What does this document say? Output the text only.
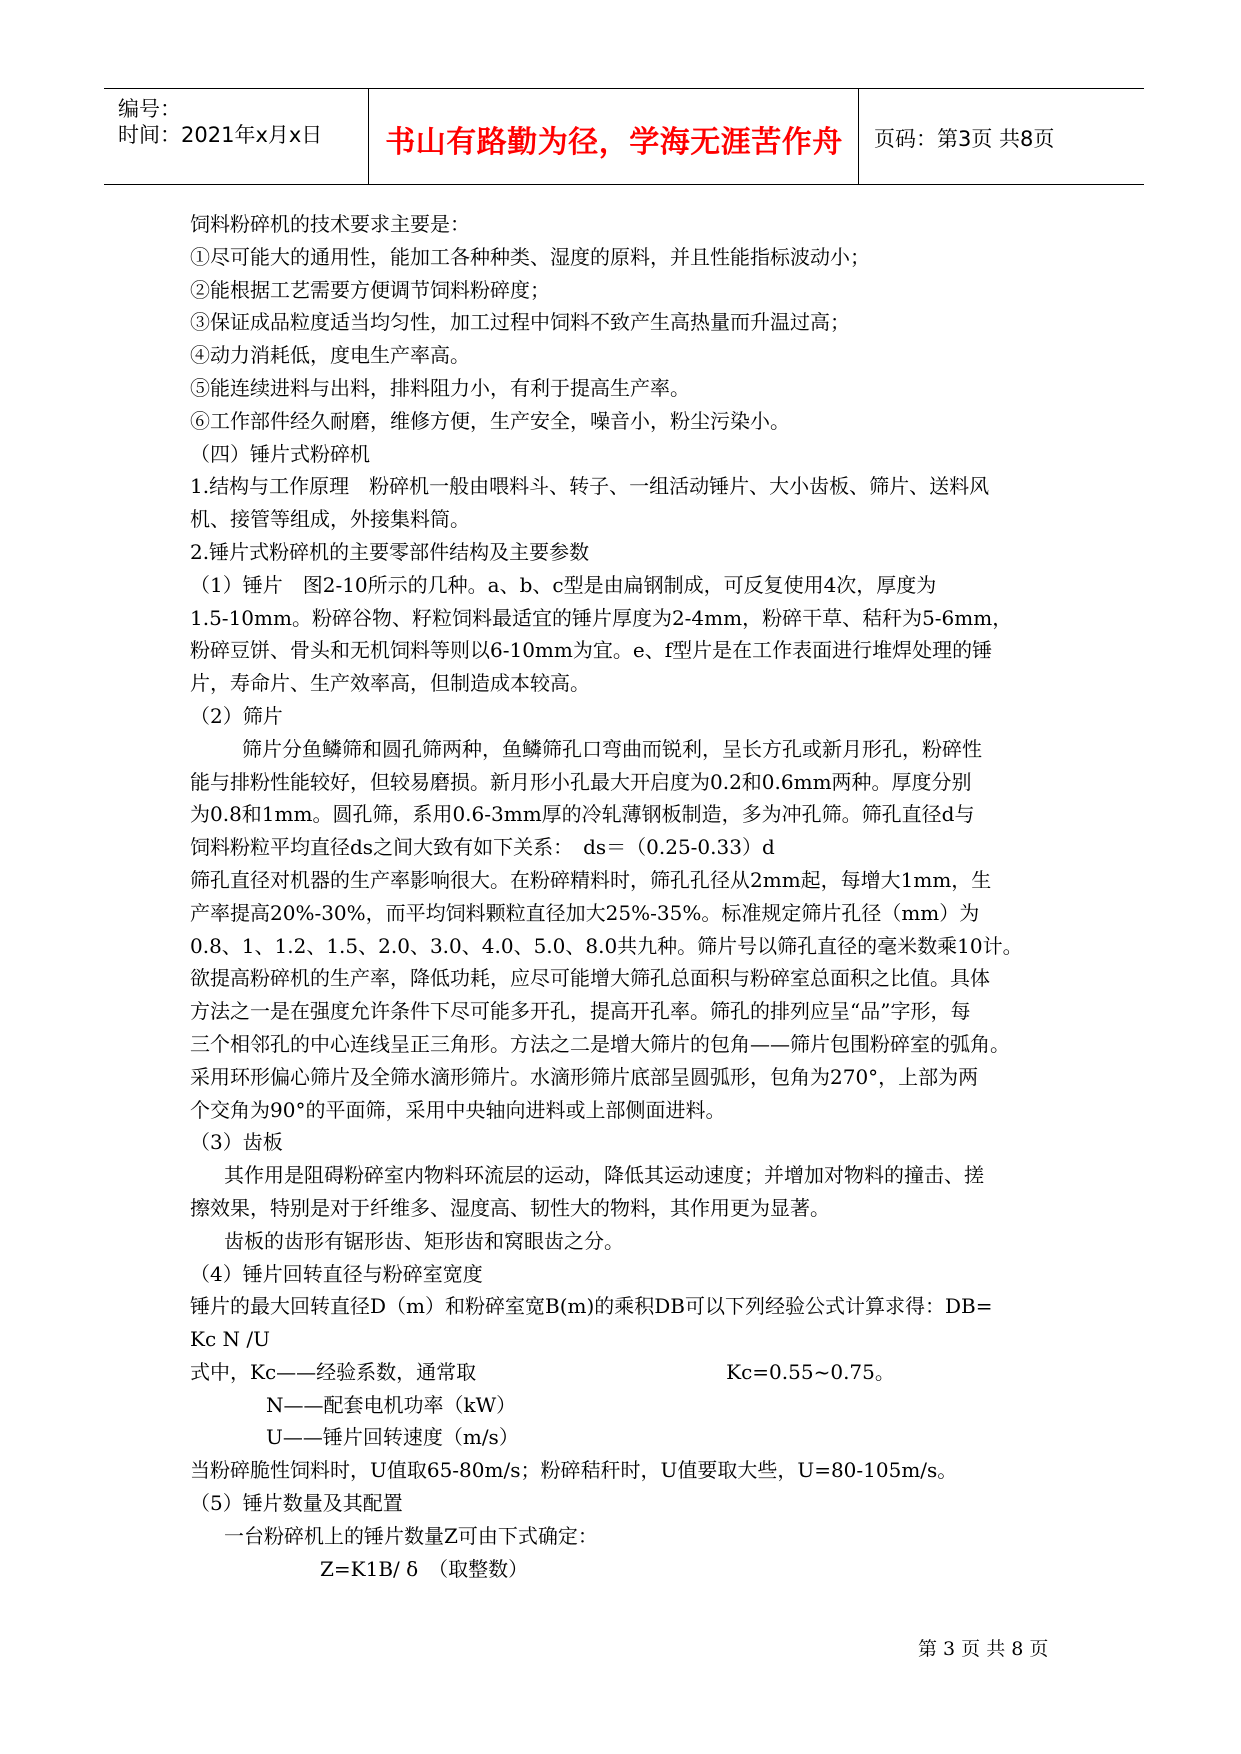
编号：
时间：2021年x月x日	书山有路勤为径，学海无涯苦作舟	页码：第3页 共8页

饲料粉碎机的技术要求主要是：

①尽可能大的通用性，能加工各种种类、湿度的原料，并且性能指标波动小；

②能根据工艺需要方便调节饲料粉碎度；

③保证成品粒度适当均匀性，加工过程中饲料不致产生高热量而升温过高；

④动力消耗低，度电生产率高。

⑤能连续进料与出料，排料阻力小，有利于提高生产率。

⑥工作部件经久耐磨，维修方便，生产安全，噪音小，粉尘污染小。

（四）锤片式粉碎机

1.结构与工作原理　粉碎机一般由喂料斗、转子、一组活动锤片、大小齿板、筛片、送料风

机、接管等组成，外接集料筒。

2.锤片式粉碎机的主要零部件结构及主要参数

（1）锤片　图2-10所示的几种。a、b、c型是由扁钢制成，可反复使用4次，厚度为

1.5-10mm。粉碎谷物、籽粒饲料最适宜的锤片厚度为2-4mm，粉碎干草、秸秆为5-6mm，

粉碎豆饼、骨头和无机饲料等则以6-10mm为宜。e、f型片是在工作表面进行堆焊处理的锤

片，寿命片、生产效率高，但制造成本较高。

（2）筛片

筛片分鱼鳞筛和圆孔筛两种，鱼鳞筛孔口弯曲而锐利，呈长方孔或新月形孔，粉碎性

能与排粉性能较好，但较易磨损。新月形小孔最大开启度为0.2和0.6mm两种。厚度分别

为0.8和1mm。圆孔筛，系用0.6-3mm厚的冷轧薄钢板制造，多为冲孔筛。筛孔直径d与

饲料粉粒平均直径ds之间大致有如下关系：　ds＝（0.25-0.33）d

筛孔直径对机器的生产率影响很大。在粉碎精料时，筛孔孔径从2mm起，每增大1mm，生

产率提高20%-30%，而平均饲料颗粒直径加大25%-35%。标准规定筛片孔径（mm）为

0.8、1、1.2、1.5、2.0、3.0、4.0、5.0、8.0共九种。筛片号以筛孔直径的毫米数乘10计。

欲提高粉碎机的生产率，降低功耗，应尽可能增大筛孔总面积与粉碎室总面积之比值。具体

方法之一是在强度允许条件下尽可能多开孔，提高开孔率。筛孔的排列应呈“品”字形，每

三个相邻孔的中心连线呈正三角形。方法之二是增大筛片的包角——筛片包围粉碎室的弧角。

采用环形偏心筛片及全筛水滴形筛片。水滴形筛片底部呈圆弧形，包角为270°，上部为两

个交角为90°的平面筛，采用中央轴向进料或上部侧面进料。

（3）齿板

其作用是阻碍粉碎室内物料环流层的运动，降低其运动速度；并增加对物料的撞击、搓

擦效果，特别是对于纤维多、湿度高、韧性大的物料，其作用更为显著。

齿板的齿形有锯形齿、矩形齿和窝眼齿之分。

（4）锤片回转直径与粉碎室宽度

锤片的最大回转直径D（m）和粉碎室宽B(m)的乘积DB可以下列经验公式计算求得：DB=

Kc N /U

式中，Kc——经验系数，通常取	Kc=0.55~0.75。

N——配套电机功率（kW）

U——锤片回转速度（m/s）

当粉碎脆性饲料时，U值取65-80m/s；粉碎秸秆时，U值要取大些，U=80-105m/s。

（5）锤片数量及其配置

一台粉碎机上的锤片数量Z可由下式确定：

Z=K1B/ δ　（取整数）

第 3 页 共 8 页
